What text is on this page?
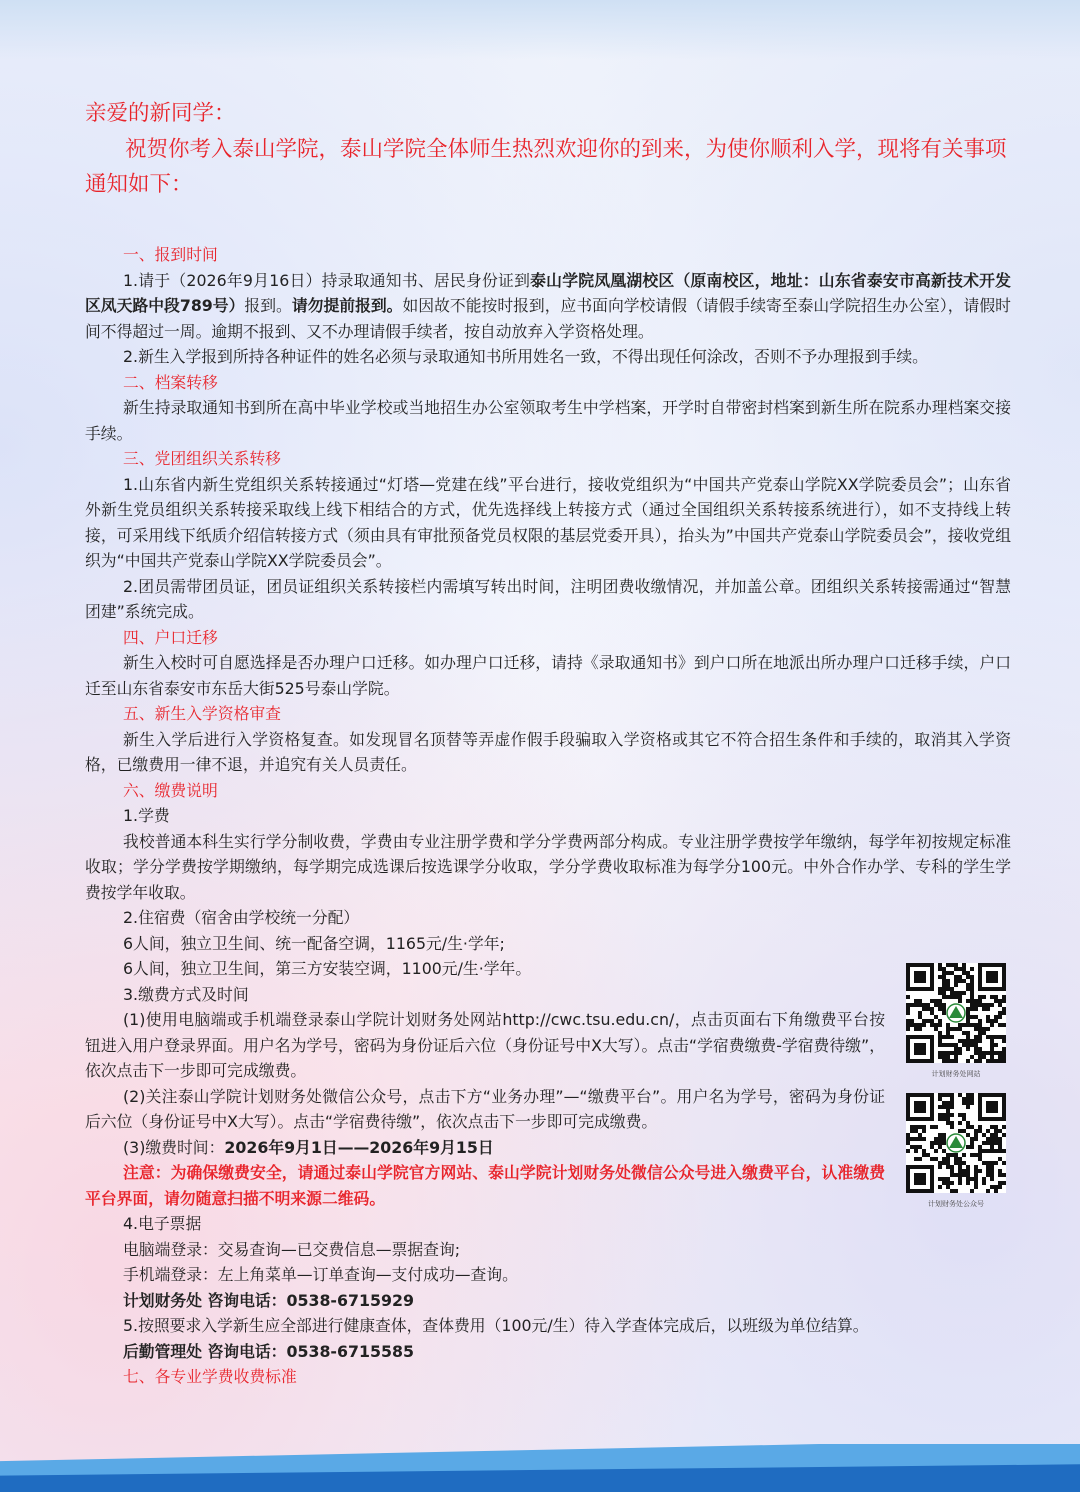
亲爱的新同学：
祝贺你考入泰山学院，泰山学院全体师生热烈欢迎你的到来，为使你顺利入学，现将有关事项通知如下：

一、报到时间

1.请于（2026年9月16日）持录取通知书、居民身份证到泰山学院凤凰湖校区（原南校区，地址：山东省泰安市高新技术开发区凤天路中段789号）报到。请勿提前报到。如因故不能按时报到，应书面向学校请假（请假手续寄至泰山学院招生办公室），请假时间不得超过一周。逾期不报到、又不办理请假手续者，按自动放弃入学资格处理。

2.新生入学报到所持各种证件的姓名必须与录取通知书所用姓名一致，不得出现任何涂改，否则不予办理报到手续。

二、档案转移

新生持录取通知书到所在高中毕业学校或当地招生办公室领取考生中学档案，开学时自带密封档案到新生所在院系办理档案交接手续。

三、党团组织关系转移

1.山东省内新生党组织关系转接通过“灯塔—党建在线”平台进行，接收党组织为“中国共产党泰山学院XX学院委员会”；山东省外新生党员组织关系转接采取线上线下相结合的方式，优先选择线上转接方式（通过全国组织关系转接系统进行），如不支持线上转接，可采用线下纸质介绍信转接方式（须由具有审批预备党员权限的基层党委开具），抬头为”中国共产党泰山学院委员会”，接收党组织为“中国共产党泰山学院XX学院委员会”。

2.团员需带团员证，团员证组织关系转接栏内需填写转出时间，注明团费收缴情况，并加盖公章。团组织关系转接需通过“智慧团建”系统完成。

四、户口迁移

新生入校时可自愿选择是否办理户口迁移。如办理户口迁移，请持《录取通知书》到户口所在地派出所办理户口迁移手续，户口迁至山东省泰安市东岳大街525号泰山学院。

五、新生入学资格审查

新生入学后进行入学资格复查。如发现冒名顶替等弄虚作假手段骗取入学资格或其它不符合招生条件和手续的，取消其入学资格，已缴费用一律不退，并追究有关人员责任。

六、缴费说明

1.学费

我校普通本科生实行学分制收费，学费由专业注册学费和学分学费两部分构成。专业注册学费按学年缴纳，每学年初按规定标准收取；学分学费按学期缴纳，每学期完成选课后按选课学分收取，学分学费收取标准为每学分100元。中外合作办学、专科的学生学费按学年收取。

2.住宿费（宿舍由学校统一分配）

6人间，独立卫生间、统一配备空调，1165元/生·学年;

6人间，独立卫生间，第三方安装空调，1100元/生·学年。

3.缴费方式及时间

(1)使用电脑端或手机端登录泰山学院计划财务处网站http://cwc.tsu.edu.cn/，点击页面右下角缴费平台按钮进入用户登录界面。用户名为学号，密码为身份证后六位（身份证号中X大写）。点击“学宿费缴费-学宿费待缴”，依次点击下一步即可完成缴费。

(2)关注泰山学院计划财务处微信公众号，点击下方“业务办理”—“缴费平台”。用户名为学号，密码为身份证后六位（身份证号中X大写）。点击“学宿费待缴”，依次点击下一步即可完成缴费。

(3)缴费时间：2026年9月1日——2026年9月15日

注意：为确保缴费安全，请通过泰山学院官方网站、泰山学院计划财务处微信公众号进入缴费平台，认准缴费平台界面，请勿随意扫描不明来源二维码。

4.电子票据

电脑端登录：交易查询—已交费信息—票据查询;

手机端登录：左上角菜单—订单查询—支付成功—查询。

计划财务处 咨询电话：0538-6715929

5.按照要求入学新生应全部进行健康查体，查体费用（100元/生）待入学查体完成后，以班级为单位结算。

后勤管理处 咨询电话：0538-6715585

七、各专业学费收费标准

计划财务处网站
计划财务处公众号
